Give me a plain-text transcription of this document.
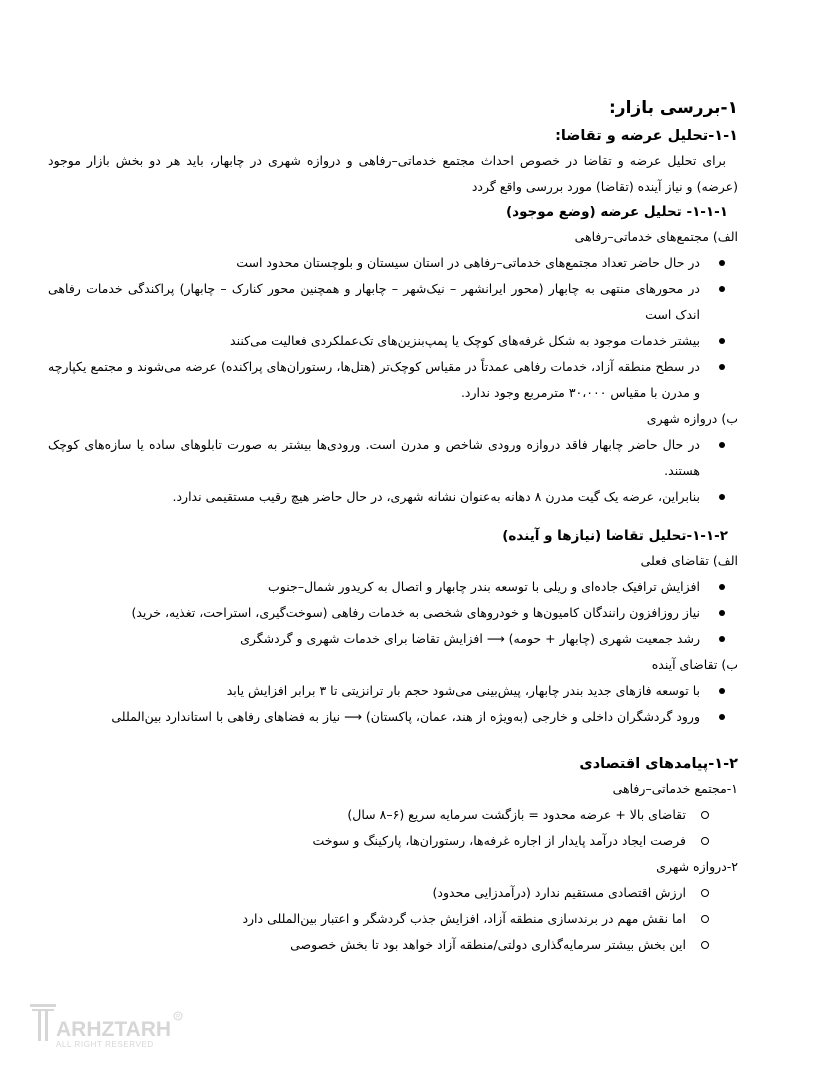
۱-بررسی بازار:
۱-۱-تحلیل عرضه و تقاضا:

برای تحلیل عرضه و تقاضا در خصوص احداث مجتمع خدماتی–رفاهی و دروازه شهری در چابهار، باید هر دو بخش بازار موجود (عرضه) و نیاز آینده (تقاضا) مورد بررسی واقع گردد

۱-۱-۱- تحلیل عرضه (وضع موجود)
الف) مجتمع‌های خدماتی–رفاهی
در حال حاضر تعداد مجتمع‌های خدماتی–رفاهی در استان سیستان و بلوچستان محدود است
در محورهای منتهی به چابهار (محور ایرانشهر – نیک‌شهر – چابهار و همچنین محور کنارک – چابهار) پراکندگی خدمات رفاهی اندک است
بیشتر خدمات موجود به شکل غرفه‌های کوچک یا پمپ‌بنزین‌های تک‌عملکردی فعالیت می‌کنند
در سطح منطقه آزاد، خدمات رفاهی عمدتاً در مقیاس کوچک‌تر (هتل‌ها، رستوران‌های پراکنده) عرضه می‌شوند و مجتمع یکپارچه و مدرن با مقیاس ۳۰،۰۰۰ مترمربع وجود ندارد.
ب) دروازه شهری
در حال حاضر چابهار فاقد دروازه ورودی شاخص و مدرن است. ورودی‌ها بیشتر به صورت تابلوهای ساده یا سازه‌های کوچک هستند.
بنابراین، عرضه یک گیت مدرن ۸ دهانه به‌عنوان نشانه شهری، در حال حاضر هیچ رقیب مستقیمی ندارد.
۱-۱-۲-تحلیل تقاضا (نیازها و آینده)
الف) تقاضای فعلی
افزایش ترافیک جاده‌ای و ریلی با توسعه بندر چابهار و اتصال به کریدور شمال–جنوب
نیاز روزافزون رانندگان کامیون‌ها و خودروهای شخصی به خدمات رفاهی (سوخت‌گیری، استراحت، تغذیه، خرید)
رشد جمعیت شهری (چابهار + حومه) ⟶ افزایش تقاضا برای خدمات شهری و گردشگری
ب) تقاضای آینده
با توسعه فازهای جدید بندر چابهار، پیش‌بینی می‌شود حجم بار ترانزیتی تا ۳ برابر افزایش یابد
ورود گردشگران داخلی و خارجی (به‌ویژه از هند، عمان، پاکستان) ⟶ نیاز به فضاهای رفاهی با استاندارد بین‌المللی
۱-۲-پیامدهای اقتصادی
۱-مجتمع خدماتی–رفاهی
تقاضای بالا + عرضه محدود = بازگشت سرمایه سریع (۶–۸ سال)
فرصت ایجاد درآمد پایدار از اجاره غرفه‌ها، رستوران‌ها، پارکینگ و سوخت
۲-دروازه شهری
ارزش اقتصادی مستقیم ندارد (درآمدزایی محدود)
اما نقش مهم در برندسازی منطقه آزاد، افزایش جذب گردشگر و اعتبار بین‌المللی دارد
این بخش بیشتر سرمایه‌گذاری دولتی/منطقه آزاد خواهد بود تا بخش خصوصی
ARHZTARH
R
ALL RIGHT RESERVED
